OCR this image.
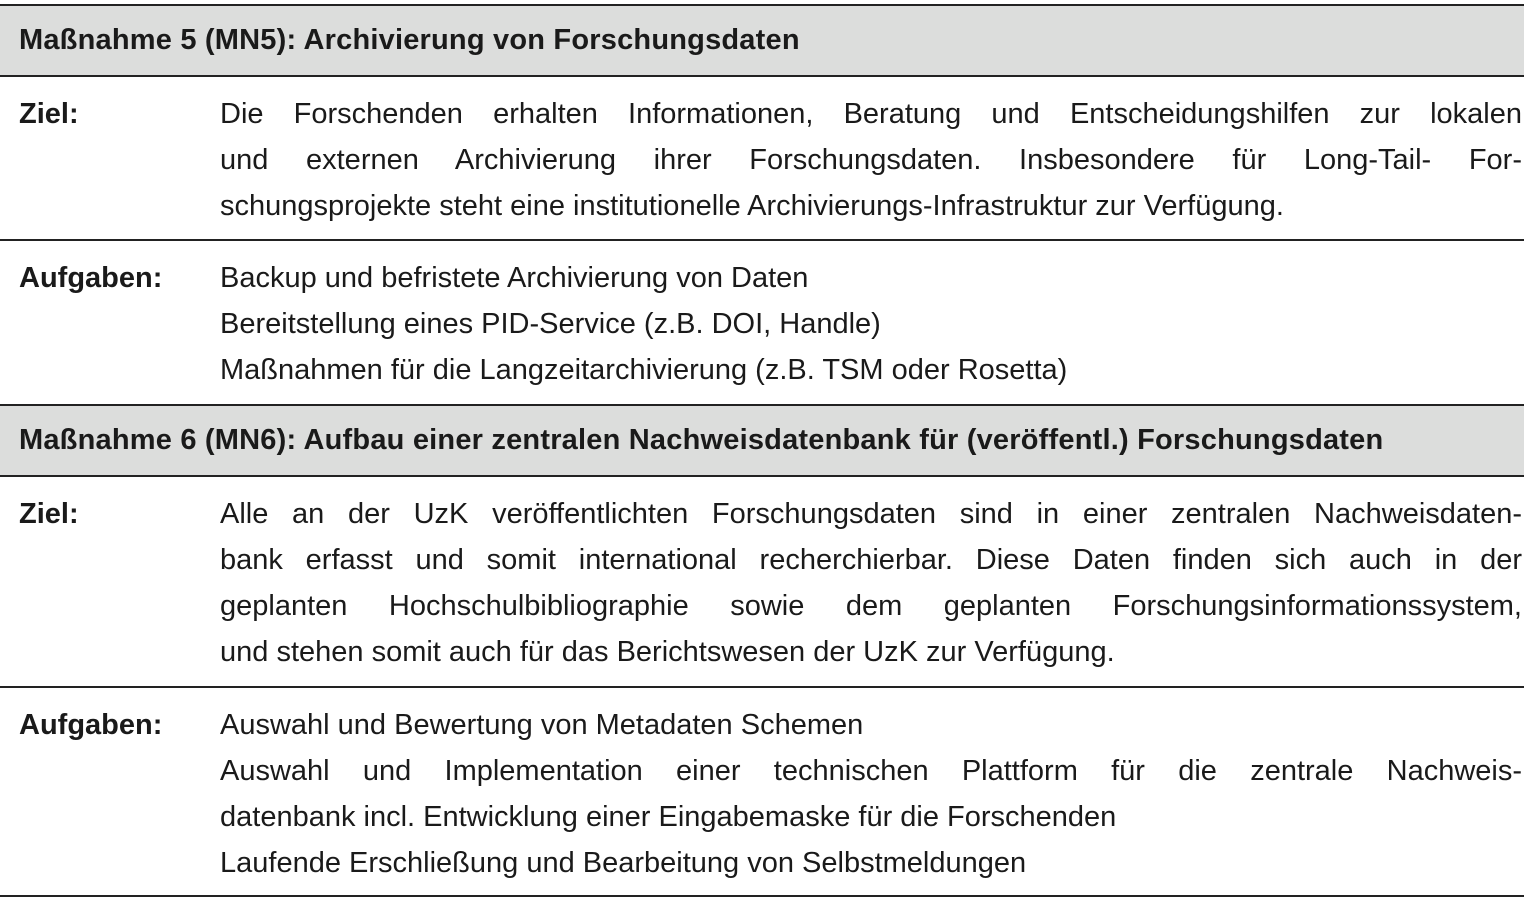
Maßnahme 5 (MN5): Archivierung von Forschungsdaten
Ziel:	Die Forschenden erhalten Informationen, Beratung und Entscheidungshilfen zur lokalen
und externen Archivierung ihrer Forschungsdaten. Insbesondere für Long-Tail- For-
schungsprojekte steht eine institutionelle Archivierungs-Infrastruktur zur Verfügung.
Aufgaben:	Backup und befristete Archivierung von Daten
Bereitstellung eines PID-Service (z.B. DOI, Handle)
Maßnahmen für die Langzeitarchivierung (z.B. TSM oder Rosetta)
Maßnahme 6 (MN6): Aufbau einer zentralen Nachweisdatenbank für (veröffentl.) Forschungsdaten
Ziel:	Alle an der UzK veröffentlichten Forschungsdaten sind in einer zentralen Nachweisdaten-
bank erfasst und somit international recherchierbar. Diese Daten finden sich auch in der
geplanten Hochschulbibliographie sowie dem geplanten Forschungsinformationssystem,
und stehen somit auch für das Berichtswesen der UzK zur Verfügung.
Aufgaben:	Auswahl und Bewertung von Metadaten Schemen
Auswahl und Implementation einer technischen Plattform für die zentrale Nachweis-
datenbank incl. Entwicklung einer Eingabemaske für die Forschenden
Laufende Erschließung und Bearbeitung von Selbstmeldungen
